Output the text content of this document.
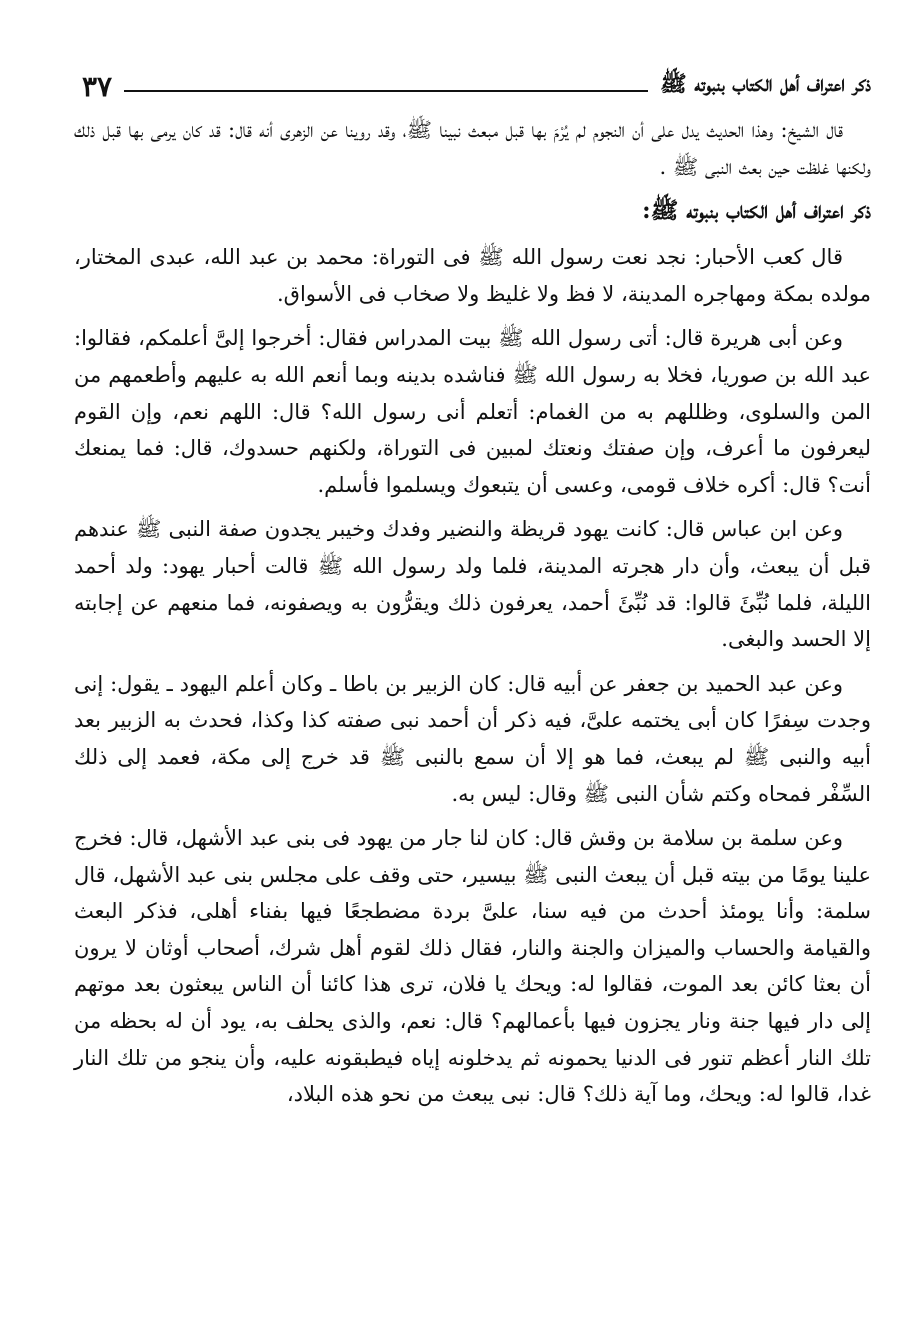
ذكر اعتراف أهل الكتاب بنبوته ﷺ
٣٧

قال الشيخ: وهذا الحديث يدل على أن النجوم لم يُرْمَ بها قبل مبعث نبينا ﷺ، وقد روينا عن الزهرى أنه قال: قد كان يرمى بها قبل ذلك ولكنها غلظت حين بعث النبى ﷺ .

ذكر اعتراف أهل الكتاب بنبوته ﷺ:

قال كعب الأحبار: نجد نعت رسول الله ﷺ فى التوراة: محمد بن عبد الله، عبدى المختار، مولده بمكة ومهاجره المدينة، لا فظ ولا غليظ ولا صخاب فى الأسواق.

وعن أبى هريرة قال: أتى رسول الله ﷺ بيت المدراس فقال: أخرجوا إلىَّ أعلمكم، فقالوا: عبد الله بن صوريا، فخلا به رسول الله ﷺ فناشده بدينه وبما أنعم الله به عليهم وأطعمهم من المن والسلوى، وظللهم به من الغمام: أتعلم أنى رسول الله؟ قال: اللهم نعم، وإن القوم ليعرفون ما أعرف، وإن صفتك ونعتك لمبين فى التوراة، ولكنهم حسدوك، قال: فما يمنعك أنت؟ قال: أكره خلاف قومى، وعسى أن يتبعوك ويسلموا فأسلم.

وعن ابن عباس قال: كانت يهود قريظة والنضير وفدك وخيبر يجدون صفة النبى ﷺ عندهم قبل أن يبعث، وأن دار هجرته المدينة، فلما ولد رسول الله ﷺ قالت أحبار يهود: ولد أحمد الليلة، فلما نُبِّئَ قالوا: قد نُبِّئَ أحمد، يعرفون ذلك ويقرُّون به ويصفونه، فما منعهم عن إجابته إلا الحسد والبغى.

وعن عبد الحميد بن جعفر عن أبيه قال: كان الزبير بن باطا ـ وكان أعلم اليهود ـ يقول: إنى وجدت سِفرًا كان أبى يختمه علىَّ، فيه ذكر أن أحمد نبى صفته كذا وكذا، فحدث به الزبير بعد أبيه والنبى ﷺ لم يبعث، فما هو إلا أن سمع بالنبى ﷺ قد خرج إلى مكة، فعمد إلى ذلك السِّفْر فمحاه وكتم شأن النبى ﷺ وقال: ليس به.

وعن سلمة بن سلامة بن وقش قال: كان لنا جار من يهود فى بنى عبد الأشهل، قال: فخرج علينا يومًا من بيته قبل أن يبعث النبى ﷺ بيسير، حتى وقف على مجلس بنى عبد الأشهل، قال سلمة: وأنا يومئذ أحدث من فيه سنا، علىَّ بردة مضطجعًا فيها بفناء أهلى، فذكر البعث والقيامة والحساب والميزان والجنة والنار، فقال ذلك لقوم أهل شرك، أصحاب أوثان لا يرون أن بعثا كائن بعد الموت، فقالوا له: ويحك يا فلان، ترى هذا كائنا أن الناس يبعثون بعد موتهم إلى دار فيها جنة ونار يجزون فيها بأعمالهم؟ قال: نعم، والذى يحلف به، يود أن له بحظه من تلك النار أعظم تنور فى الدنيا يحمونه ثم يدخلونه إياه فيطبقونه عليه، وأن ينجو من تلك النار غدا، قالوا له: ويحك، وما آية ذلك؟ قال: نبى يبعث من نحو هذه البلاد،
